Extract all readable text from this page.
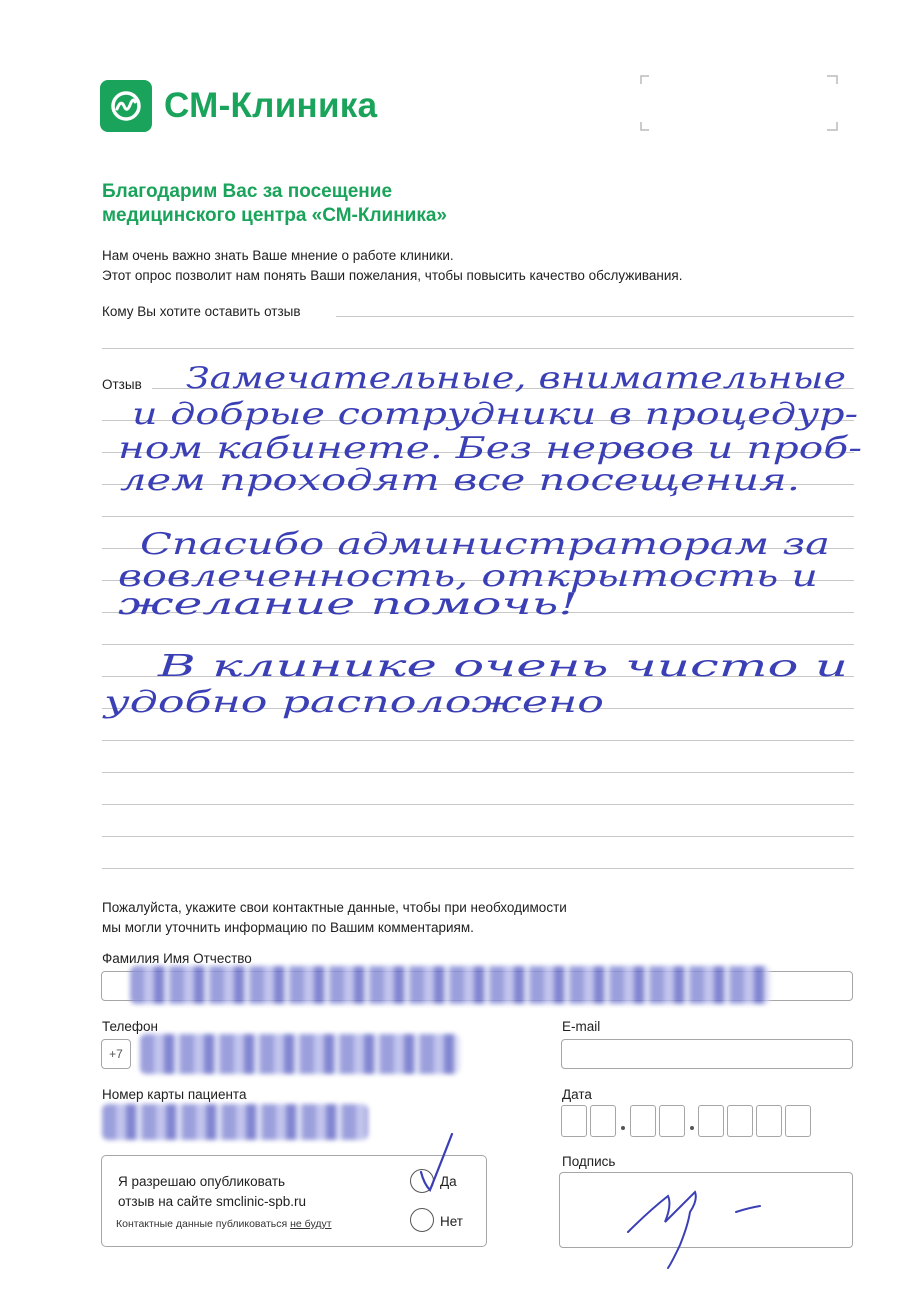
СМ-Клиника
Благодарим Вас за посещение
медицинского центра «СМ-Клиника»
Нам очень важно знать Ваше мнение о работе клиники.
Этот опрос позволит нам понять Ваши пожелания, чтобы повысить качество обслуживания.
Кому Вы хотите оставить отзыв
Отзыв Замечательные, внимательные
и добрые сотрудники в процедур-
ном кабинете. Без нервов и проб-
лем проходят все посещения.
Спасибо администраторам за
вовлеченность, открытость и
желание помочь!
В клинике очень чисто и
удобно расположено
Пожалуйста, укажите свои контактные данные, чтобы при необходимости
мы могли уточнить информацию по Вашим комментариям.
Фамилия Имя Отчество
Телефон
+7
E-mail
Номер карты пациента	Дата
Я разрешаю опубликовать
отзыв на сайте smclinic-spb.ru
Контактные данные публиковаться не будут
Да
Нет
Подпись
